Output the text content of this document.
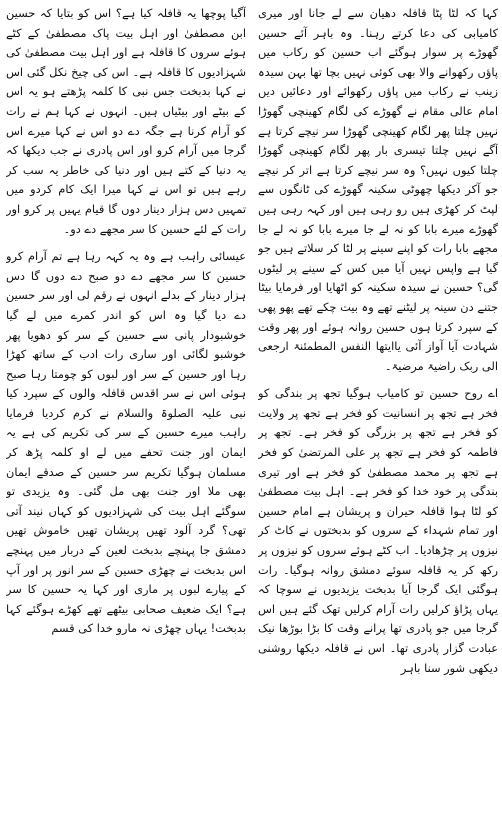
کہا کہ لٹا پٹا قافلہ دھیان سے لے جانا اور میری کامیابی کی دعا کرتے رہنا۔ وہ باہر آئے حسین گھوڑے پر سوار ہوگئے اب حسین کو رکاب میں پاؤں رکھوانے والا بھی کوئی نہیں بچا تھا بہن سیدہ زینب نے رکاب میں پاؤں رکھوائے اور دعائیں دیں امام عالی مقام نے گھوڑے کی لگام کھینچی گھوڑا نہیں چلتا پھر لگام کھینچی گھوڑا سر نیچے کرتا ہے آگے نہیں چلتا تیسری بار پھر لگام کھینچی گھوڑا چلتا کیوں نہیں؟ وہ سر نیچے کرتا ہے اتر کر نیچے جو آکر دیکھا چھوٹی سکینہ گھوڑے کی ٹانگوں سے لپٹ کر کھڑی ہیں رو رہی ہیں اور کہہ رہی ہیں گھوڑے میرے بابا کو نہ لے جا میرے بابا کو نہ لے جا مجھے بابا رات کو اپنے سینے پر لٹا کر سلاتے ہیں جو گیا ہے واپس نہیں آیا میں کس کے سینے پر لیٹوں گی؟ حسین نے سیدہ سکینہ کو اٹھایا اور فرمایا بیٹا جتنے دن سینہ پر لیٹنے تھے وہ بیت چکے تھے پھو پھی کے سپرد کرتا ہوں حسین روانہ ہوئے اور پھر وقت شہادت آیا آواز آئی یاایتھا النفس المطمئنۃ ارجعی الی ربک راضیۃ مرضیۃ۔

اے روح حسین تو کامیاب ہوگیا تجھ پر بندگی کو فخر ہے تجھ پر انسانیت کو فخر ہے تجھ پر ولایت کو فخر ہے تجھ پر بزرگی کو فخر ہے۔ تجھ پر فاطمہ کو فخر ہے تجھ پر علی المرتضیٰ کو فخر ہے تجھ پر محمد مصطفیٰ کو فخر ہے اور تیری بندگی پر خود خدا کو فخر ہے۔ اہل بیت مصطفیٰ کو لٹا ہوا قافلہ حیران و پریشان ہے امام حسین اور تمام شہداء کے سروں کو بدبختوں نے کاٹ کر نیزوں پر چڑھادیا۔ اب کٹے ہوئے سروں کو نیزوں پر رکھ کر یہ قافلہ سوئے دمشق روانہ ہوگیا۔ رات ہوگئی ایک گرجا آیا بدبخت یزیدیوں نے سوچا کہ یہاں پڑاؤ کرلیں رات آرام کرلیں تھک گئے ہیں اس گرجا میں جو پادری تھا پرانے وقت کا بڑا بوڑھا نیک عبادت گزار پادری تھا۔ اس نے قافلہ دیکھا روشنی دیکھی شور سنا باہر

آگیا پوچھا یہ قافلہ کیا ہے؟ اس کو بتایا کہ حسین ابن مصطفیٰ اور اہل بیت پاک مصطفیٰ کے کٹے ہوئے سروں کا قافلہ ہے اور اہل بیت مصطفیٰ کی شہزادیوں کا قافلہ ہے۔ اس کی چیخ نکل گئی اس نے کہا بدبخت جس نبی کا کلمہ پڑھتے ہو یہ اس کے بیٹے اور بیٹیاں ہیں۔ انہوں نے کہا ہم نے رات کو آرام کرنا ہے جگہ دے دو اس نے کہا میرے اس گرجا میں آرام کرو اور اس پادری نے جب دیکھا کہ یہ دنیا کے کتے ہیں اور دنیا کی خاطر یہ سب کر رہے ہیں تو اس نے کہا میرا ایک کام کردو میں تمہیں دس ہزار دینار دوں گا قیام یہیں پر کرو اور رات کے لئے حسین کا سر مجھے دے دو۔

عیسائی راہب ہے وہ یہ کہہ رہا ہے تم آرام کرو حسین کا سر مجھے دے دو صبح دے دوں گا دس ہزار دینار کے بدلے انہوں نے رقم لی اور سر حسین دے دیا گیا وہ اس کو اندر کمرے میں لے گیا خوشبودار پانی سے حسین کے سر کو دھویا پھر خوشبو لگائی اور ساری رات ادب کے ساتھ کھڑا رہا اور حسین کے سر اور لبوں کو چومتا رہا صبح ہوئی اس نے سر اقدس قافلہ والوں کے سپرد کیا نبی علیہ الصلوۃ والسلام نے کرم کردیا فرمایا راہب میرے حسین کے سر کی تکریم کی ہے یہ ایمان اور جنت تحفے میں لے او کلمہ پڑھ کر مسلمان ہوگیا تکریم سر حسین کے صدقے ایمان بھی ملا اور جنت بھی مل گئی۔ وہ یزیدی تو سوگئے اہل بیت کی شہزادیوں کو کہاں نیند آتی تھی؟ گرد آلود تھیں پریشان تھیں خاموش تھیں دمشق جا پہنچے بدبخت لعین کے دربار میں پہنچے اس بدبخت نے چھڑی حسین کے سر انور پر اور آپ کے پیارے لبوں پر ماری اور کہا یہ حسین کا سر ہے؟ ایک ضعیف صحابی بیٹھے تھے کھڑے ہوگئے کہا بدبخت! یہاں چھڑی نہ مارو خدا کی قسم
